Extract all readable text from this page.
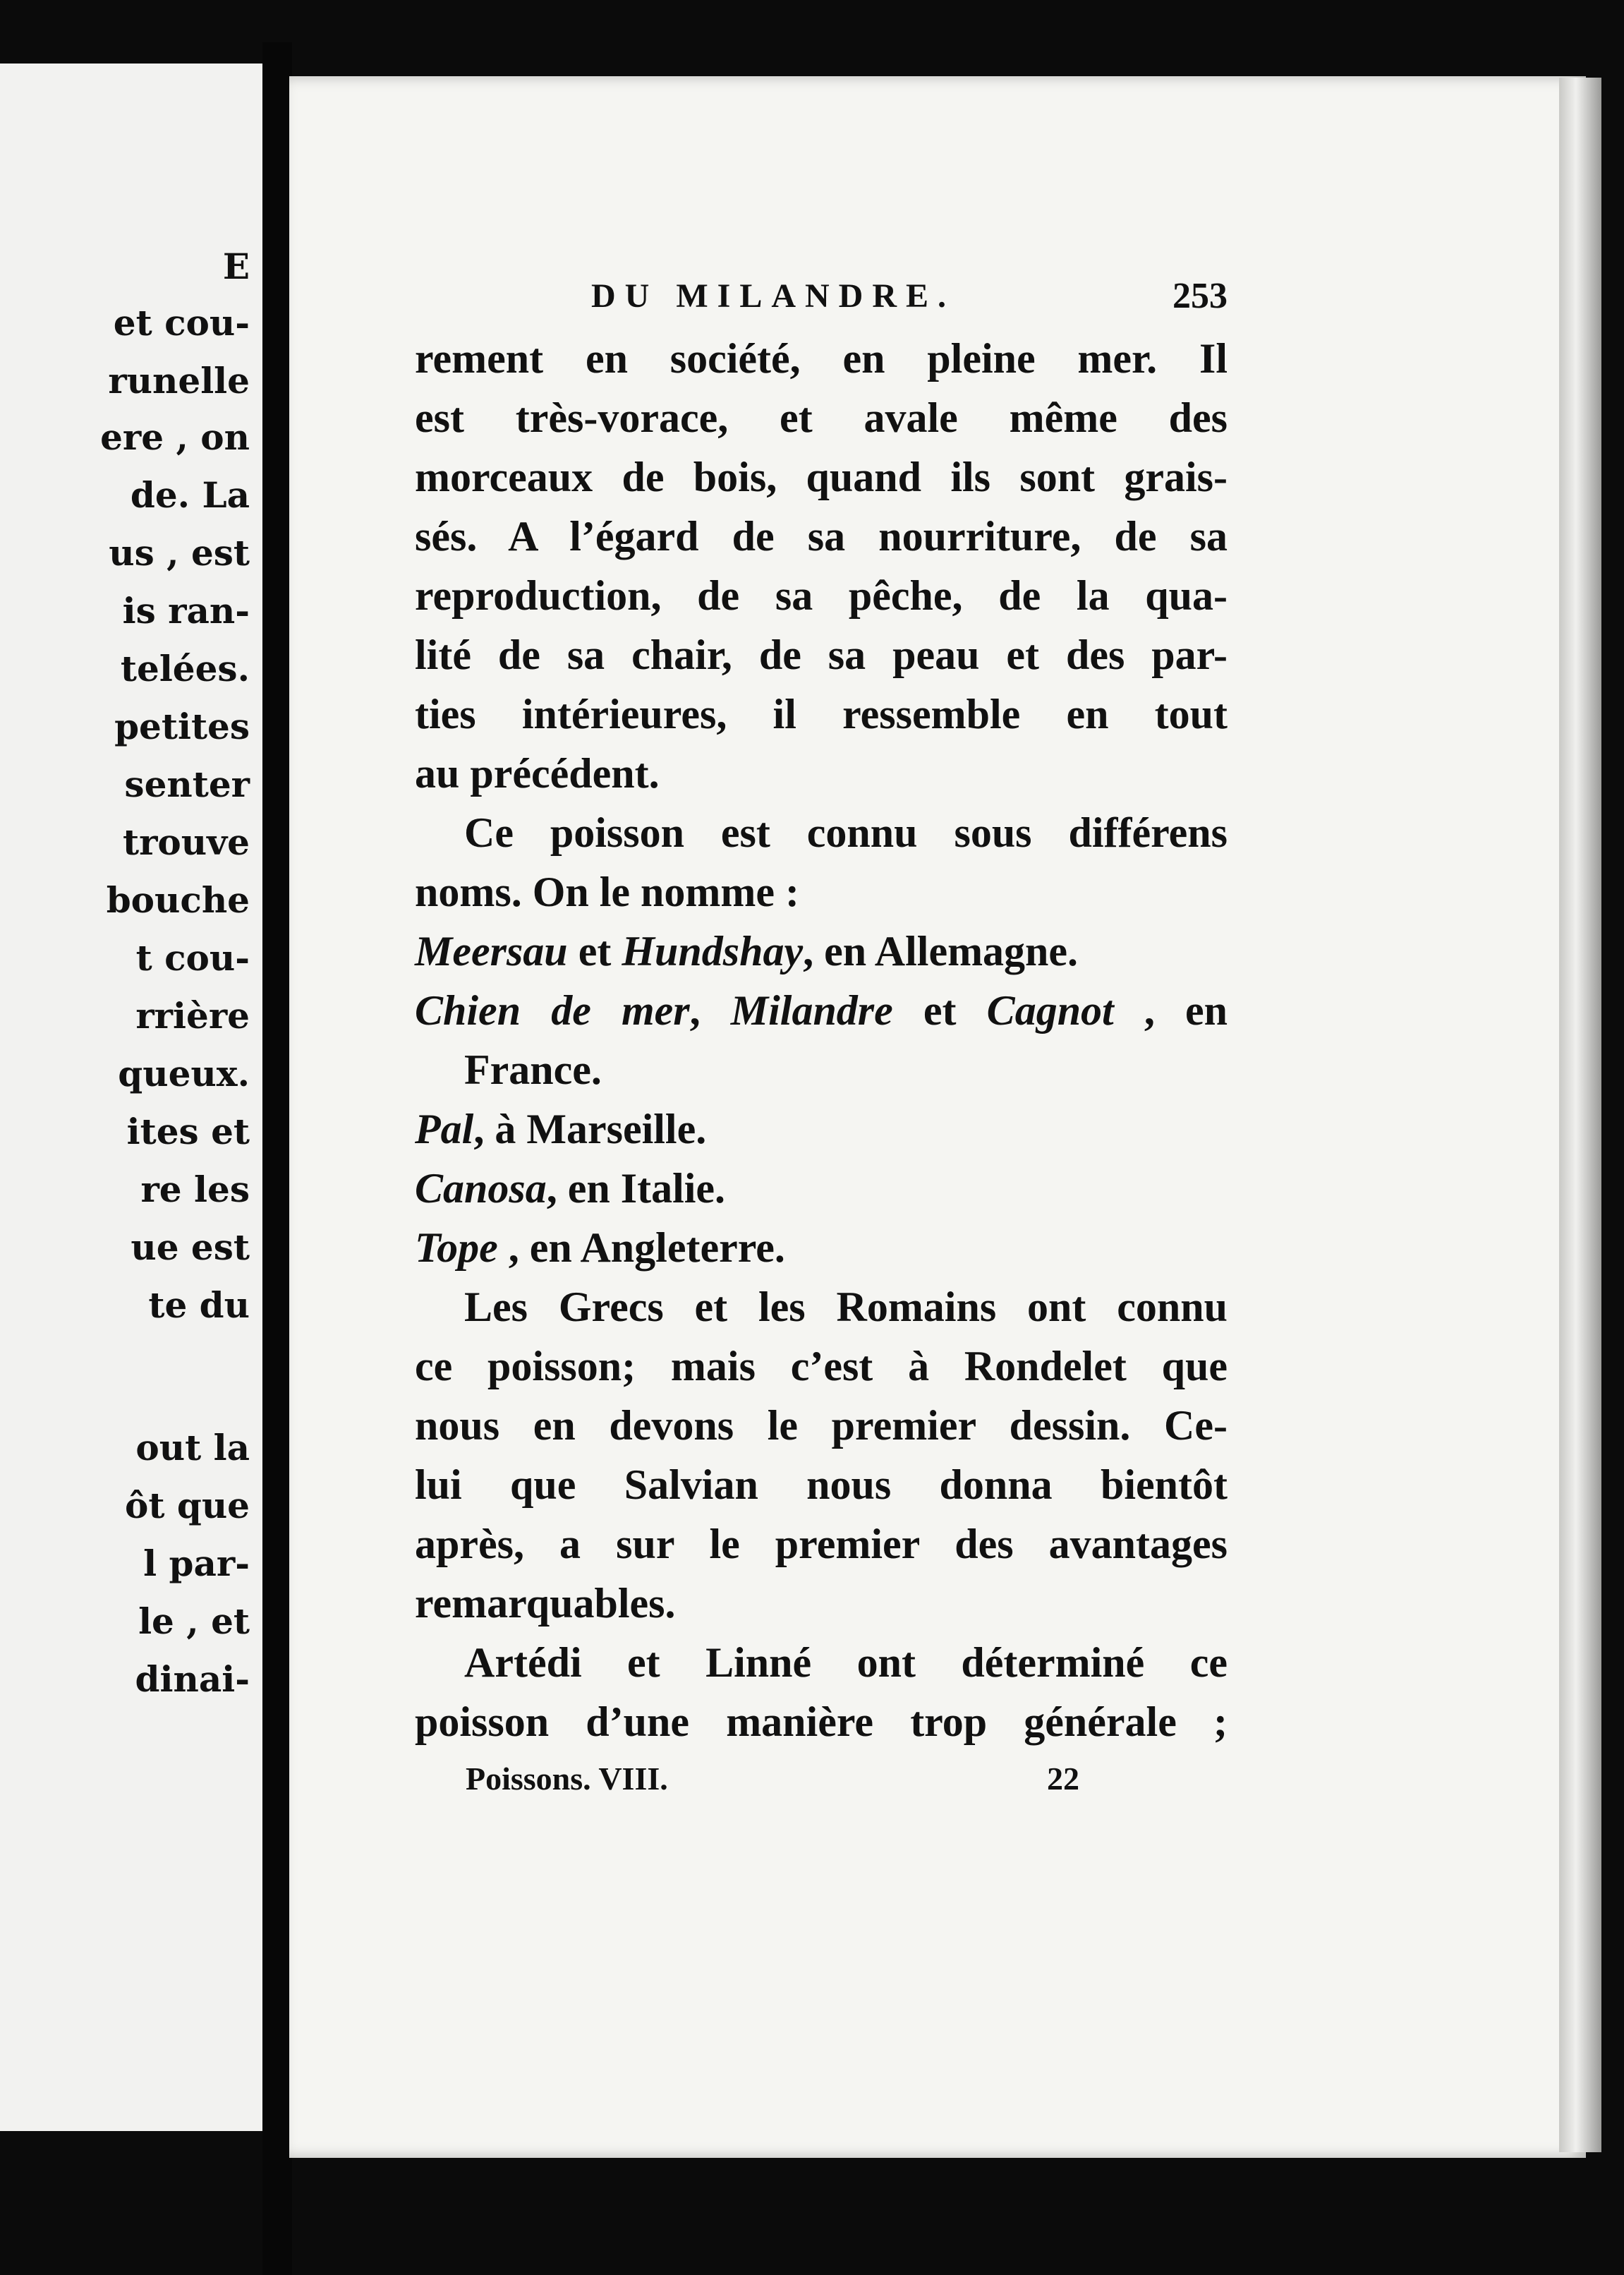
E

et cou-

runelle

ere , on

de. La

us , est

is ran-

telées.

petites

senter

trouve

bouche

t cou-

rrière

queux.

ites et

re les

ue est

te du

out la

ôt que

l par-

le , et

dinai-

DU MILANDRE.	253

rement en société, en pleine mer. Il

est très-vorace, et avale même des

morceaux de bois, quand ils sont grais-

sés. A l’égard de sa nourriture, de sa

reproduction, de sa pêche, de la qua-

lité de sa chair, de sa peau et des par-

ties intérieures, il ressemble en tout

au précédent.

Ce poisson est connu sous différens

noms. On le nomme :

Meersau et Hundshay, en Allemagne.

Chien de mer, Milandre et Cagnot , en

France.

Pal, à Marseille.

Canosa, en Italie.

Tope , en Angleterre.

Les Grecs et les Romains ont connu

ce poisson; mais c’est à Rondelet que

nous en devons le premier dessin. Ce-

lui que Salvian nous donna bientôt

après, a sur le premier des avantages

remarquables.

Artédi et Linné ont déterminé ce

poisson d’une manière trop générale ;

Poissons. VIII.	22
